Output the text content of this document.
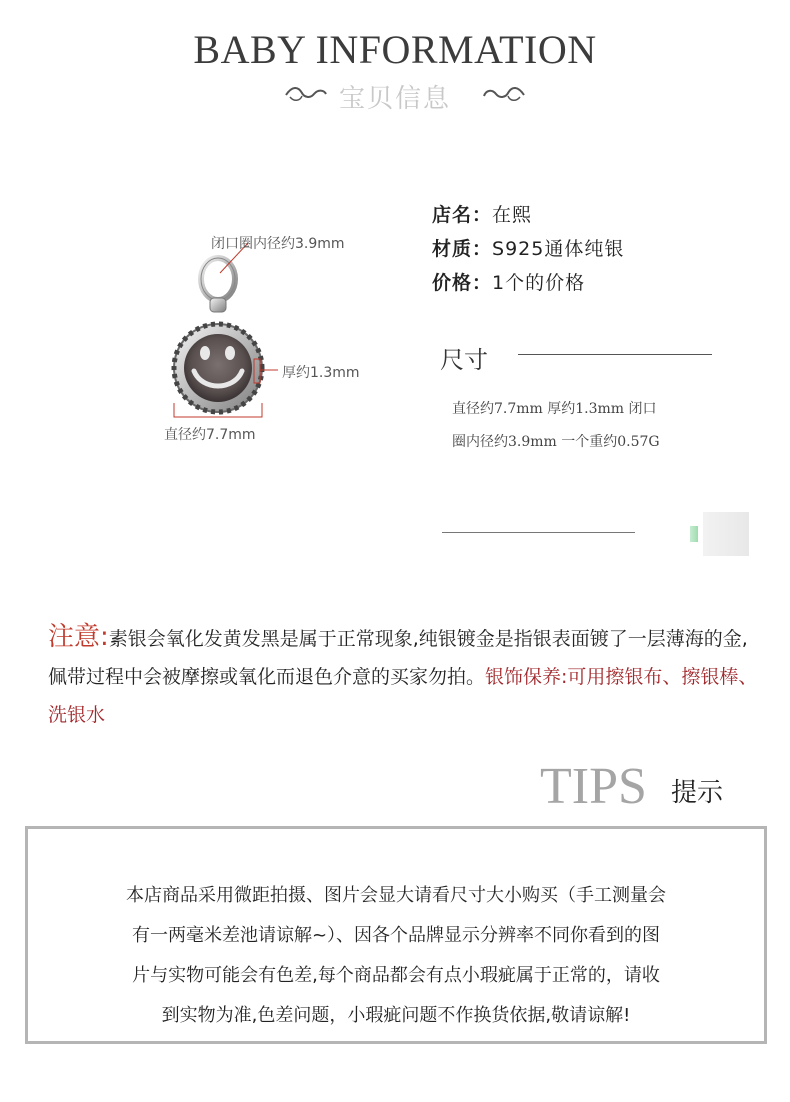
BABY INFORMATION
宝贝信息
闭口圈内径约3.9mm
厚约1.3mm
直径约7.7mm
店名：在熙
材质：S925通体纯银
价格：1个的价格
尺寸
直径约7.7mm 厚约1.3mm 闭口
圈内径约3.9mm 一个重约0.57G
注意:素银会氧化发黄发黑是属于正常现象,纯银镀金是指银表面镀了一层薄海的金,佩带过程中会被摩擦或氧化而退色介意的买家勿拍。银饰保养:可用擦银布、擦银棒、洗银水
TIPS 提示
本店商品采用微距拍摄、图片会显大请看尺寸大小购买（手工测量会
有一两毫米差池请谅解~）、因各个品牌显示分辨率不同你看到的图
片与实物可能会有色差,每个商品都会有点小瑕疵属于正常的，请收
到实物为准,色差问题，小瑕疵问题不作换货依据,敬请谅解!
